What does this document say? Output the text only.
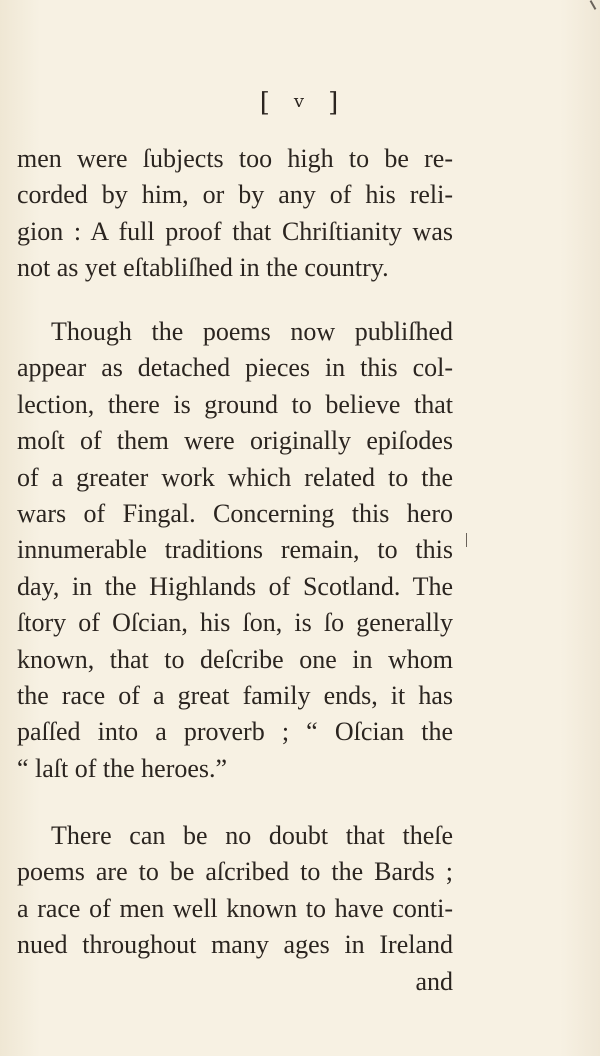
[ v ]
men were ſubjects too high to be re-
corded by him, or by any of his reli-
gion : A full proof that Chriſtianity was
not as yet eſtabliſhed in the country.
Though the poems now publiſhed
appear as detached pieces in this col-
lection, there is ground to believe that
moſt of them were originally epiſodes
of a greater work which related to the
wars of Fingal. Concerning this hero
innumerable traditions remain, to this
day, in the Highlands of Scotland. The
ſtory of Oſcian, his ſon, is ſo generally
known, that to deſcribe one in whom
the race of a great family ends, it has
paſſed into a proverb ; “ Oſcian the
“ laſt of the heroes.”
There can be no doubt that theſe
poems are to be aſcribed to the Bards ;
a race of men well known to have conti-
nued throughout many ages in Ireland
and
